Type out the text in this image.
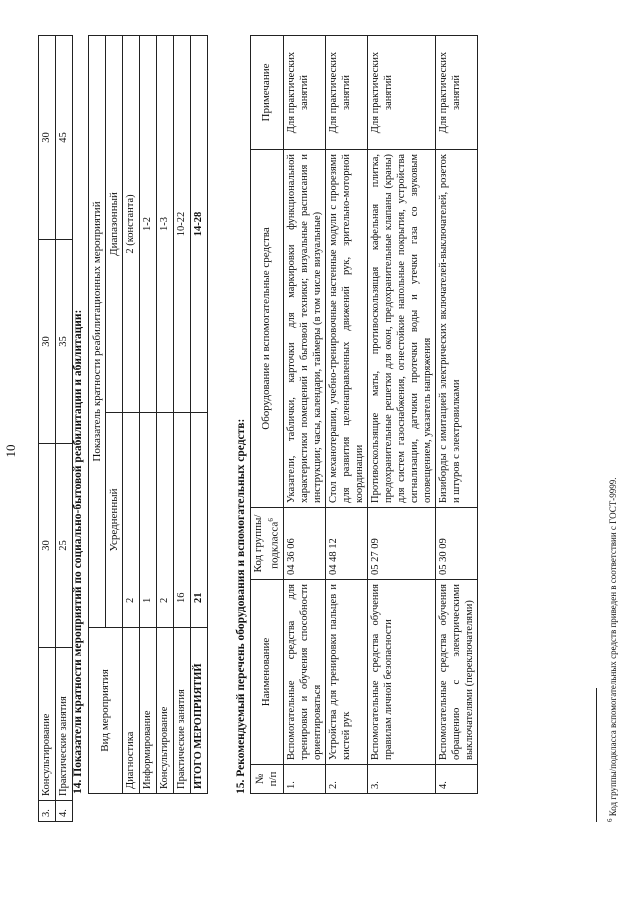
10
3.	Консультирование	30	30	30
4.	Практические занятия	25	35	45
14. Показатели кратности мероприятий по социально-бытовой реабилитации и абилитации: Вид мероприятия	Показатель кратности реабилитационных мероприятий	
	Усредненный	Диапазонный
Диагностика	2	2 (константа)
Информирование	1	1-2
Консультирование	2	1-3
Практические занятия	16	10-22
ИТОГО МЕРОПРИЯТИЙ	21	14-28
15. Рекомендуемый перечень оборудования и вспомогательных средств: № п/п	Наименование	Код группы/подкласса$^6$	Оборудование и вспомогательные средства	Примечание
1.	Вспомогательные средства для тренировки и обучения способности ориентироваться	04 36 06	Указатели, таблички, карточки для маркировки функциональной характеристики помещений и бытовой техники; визуальные расписания и инструкции; часы, календари, таймеры (в том числе визуальные)	Для практических занятий
2.	Устройства для тренировки пальцев и кистей рук	04 48 12	Стол механотерапии, учебно-тренировочные настенные модули с прорезями для развития целенаправленных движений рук, зрительно-моторной координации	Для практических занятий
3.	Вспомогательные средства обучения правилам личной безопасности	05 27 09	Противоскользящие маты, противоскользящая кафельная плитка, предохранительные решетки для окон, предохранительные клапаны (краны) для систем газоснабжения, огнестойкие напольные покрытия, устройства сигнализации, датчики протечки воды и утечки газа со звуковым оповещением, указатель напряжения	Для практических занятий
4.	Вспомогательные средства обучения обращению с электрическими выключателями (переключателями)	05 30 09	Бизиборды с имитацией электрических включателей-выключателей, розеток и штуров с электровилками	Для практических занятий
$^6$ Код группы/подкласса вспомогательных средств приведен в соответствии с ГОСТ-9999.
